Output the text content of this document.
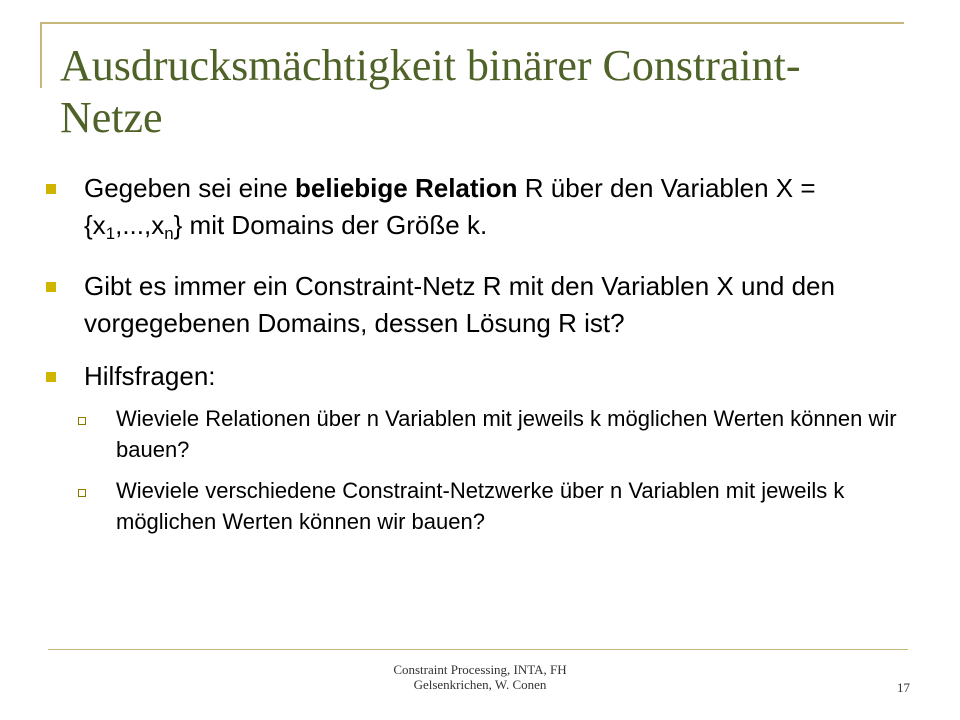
Ausdrucksmächtigkeit binärer Constraint-
Netze
Gegeben sei eine beliebige Relation R über den Variablen $X = \{x_1,...,x_n\}$ mit Domains der Größe k.
Gibt es immer ein Constraint-Netz R mit den Variablen X und den vorgegebenen Domains, dessen Lösung R ist?
Hilfsfragen:
Wieviele Relationen über n Variablen mit jeweils k möglichen Werten können wir bauen?
Wieviele verschiedene Constraint-Netzwerke über n Variablen mit jeweils k möglichen Werten können wir bauen?
Constraint Processing, INTA, FH
Gelsenkrichen, W. Conen	17
